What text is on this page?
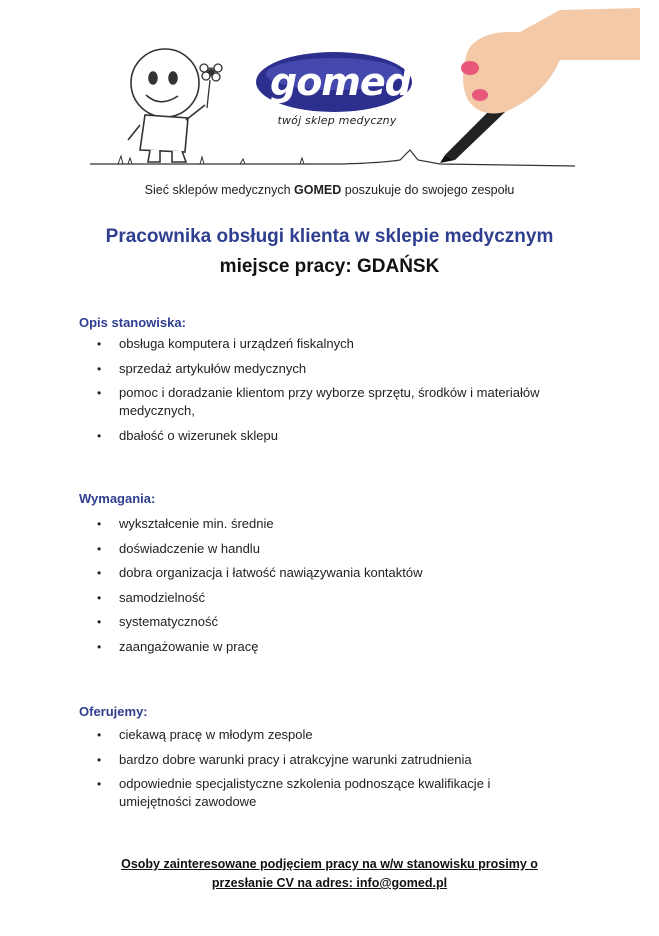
gomed
twój sklep medyczny
Sieć sklepów medycznych GOMED poszukuje do swojego zespołu
Pracownika obsługi klienta w sklepie medycznym
miejsce pracy: GDAŃSK
Opis stanowiska:
• obsługa komputera i urządzeń fiskalnych
• sprzedaż artykułów medycznych
• pomoc i doradzanie klientom przy wyborze sprzętu, środków i materiałów medycznych,
• dbałość o wizerunek sklepu
Wymagania:
• wykształcenie min. średnie
• doświadczenie w handlu
• dobra organizacja i łatwość nawiązywania kontaktów
• samodzielność
• systematyczność
• zaangażowanie w pracę
Oferujemy:
• ciekawą pracę w młodym zespole
• bardzo dobre warunki pracy i atrakcyjne warunki zatrudnienia
• odpowiednie specjalistyczne szkolenia podnoszące kwalifikacje i umiejętności zawodowe
Osoby zainteresowane podjęciem pracy na w/w stanowisku prosimy o
przesłanie CV na adres: info@gomed.pl
